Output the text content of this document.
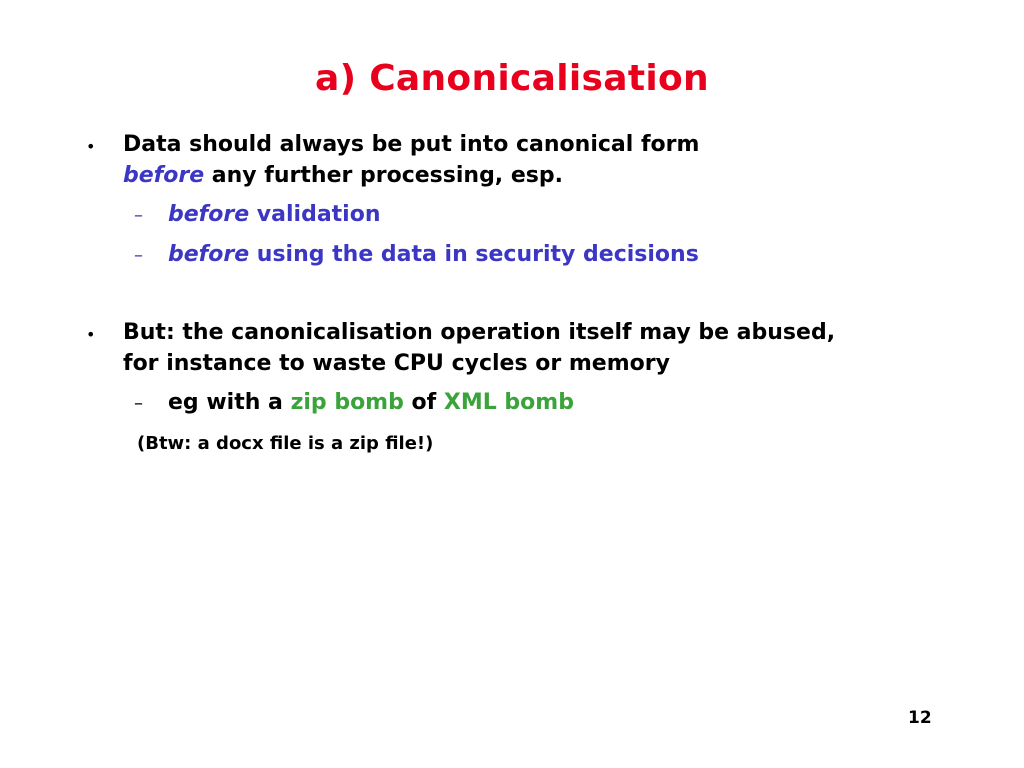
a) Canonicalisation
• Data should always be put into canonical form
before any further processing, esp.
– before validation
– before using the data in security decisions
• But: the canonicalisation operation itself may be abused,
for instance to waste CPU cycles or memory
– eg with a zip bomb of XML bomb
(Btw: a docx file is a zip file!)
12
